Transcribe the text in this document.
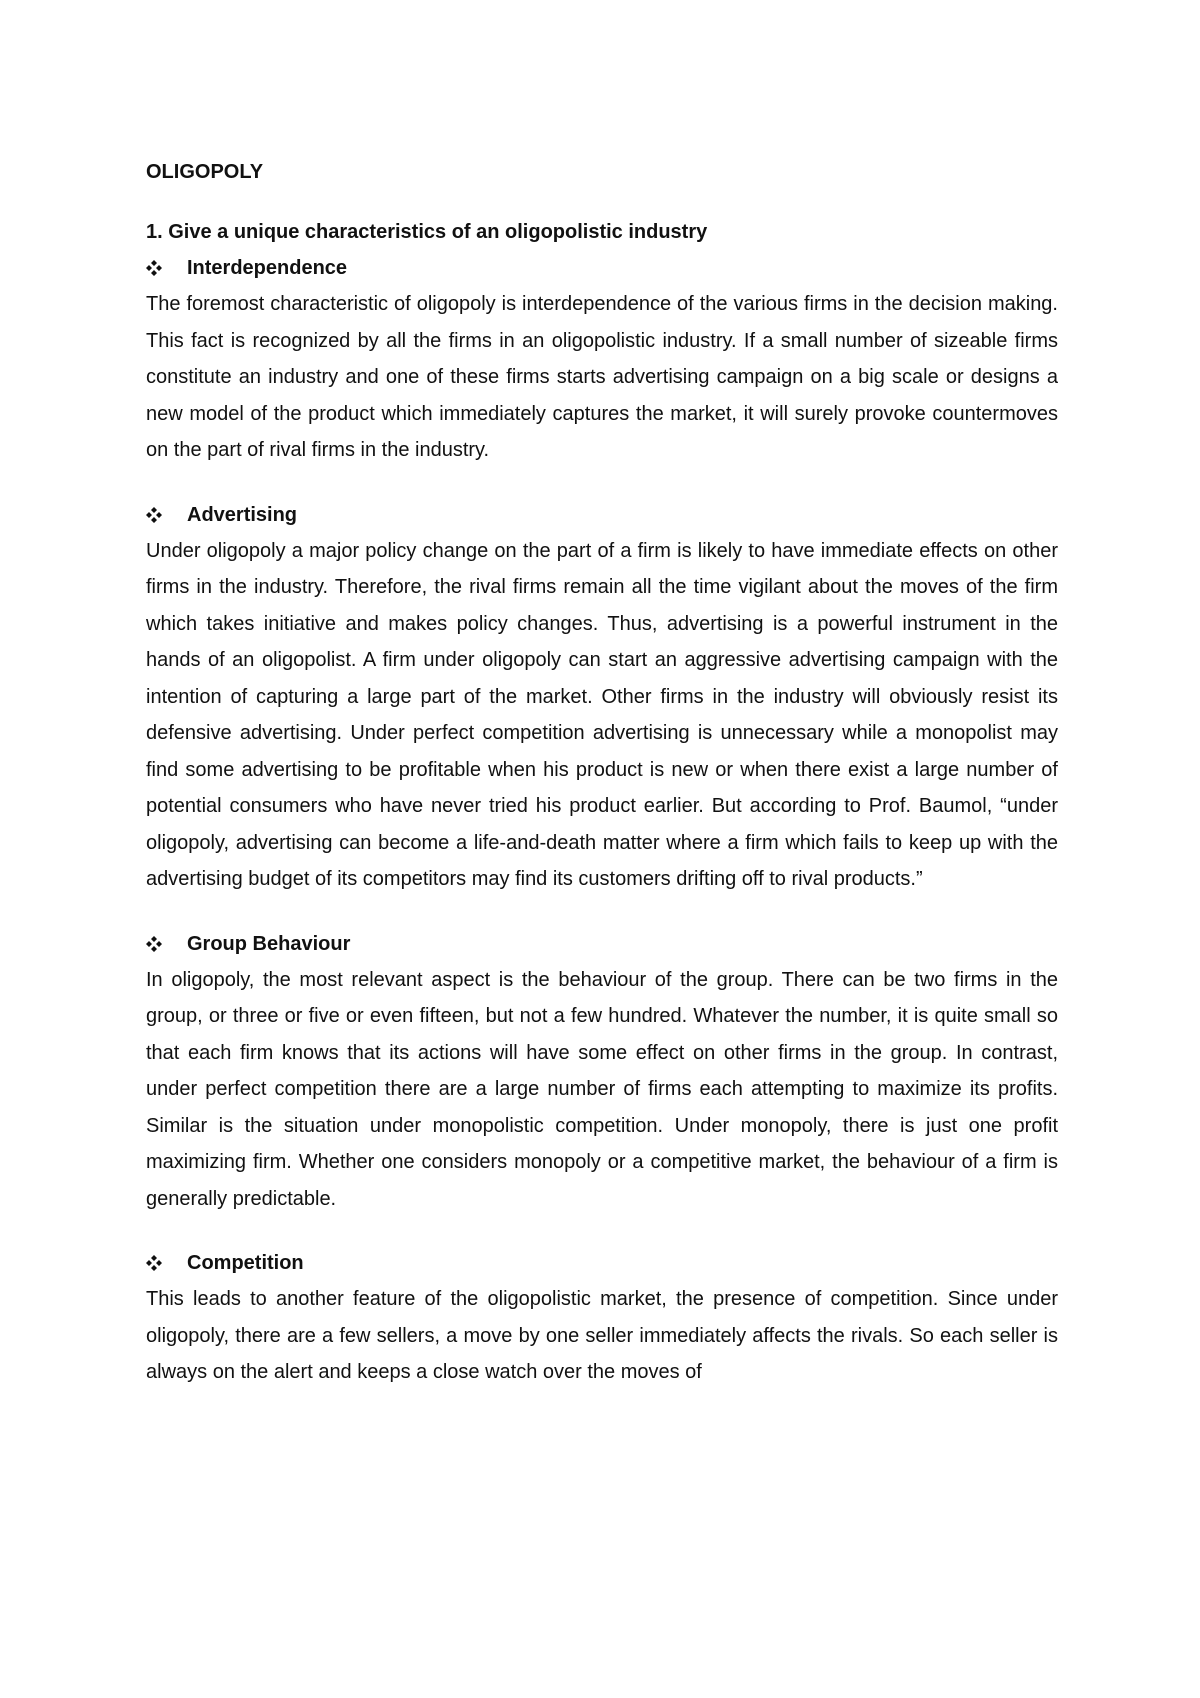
OLIGOPOLY
1. Give a unique characteristics of an oligopolistic industry
Interdependence

The foremost characteristic of oligopoly is interdependence of the various firms in the decision making. This fact is recognized by all the firms in an oligopolistic industry. If a small number of sizeable firms constitute an industry and one of these firms starts advertising campaign on a big scale or designs a new model of the product which immediately captures the market, it will surely provoke countermoves on the part of rival firms in the industry.

Advertising

Under oligopoly a major policy change on the part of a firm is likely to have immediate effects on other firms in the industry. Therefore, the rival firms remain all the time vigilant about the moves of the firm which takes initiative and makes policy changes. Thus, advertising is a powerful instrument in the hands of an oligopolist. A firm under oligopoly can start an aggressive advertising campaign with the intention of capturing a large part of the market. Other firms in the industry will obviously resist its defensive advertising. Under perfect competition advertising is unnecessary while a monopolist may find some advertising to be profitable when his product is new or when there exist a large number of potential consumers who have never tried his product earlier. But according to Prof. Baumol, “under oligopoly, advertising can become a life-and-death matter where a firm which fails to keep up with the advertising budget of its competitors may find its customers drifting off to rival products.”

Group Behaviour

In oligopoly, the most relevant aspect is the behaviour of the group. There can be two firms in the group, or three or five or even fifteen, but not a few hundred. Whatever the number, it is quite small so that each firm knows that its actions will have some effect on other firms in the group. In contrast, under perfect competition there are a large number of firms each attempting to maximize its profits. Similar is the situation under monopolistic competition. Under monopoly, there is just one profit maximizing firm. Whether one considers monopoly or a competitive market, the behaviour of a firm is generally predictable.

Competition

This leads to another feature of the oligopolistic market, the presence of competition. Since under oligopoly, there are a few sellers, a move by one seller immediately affects the rivals. So each seller is always on the alert and keeps a close watch over the moves of
